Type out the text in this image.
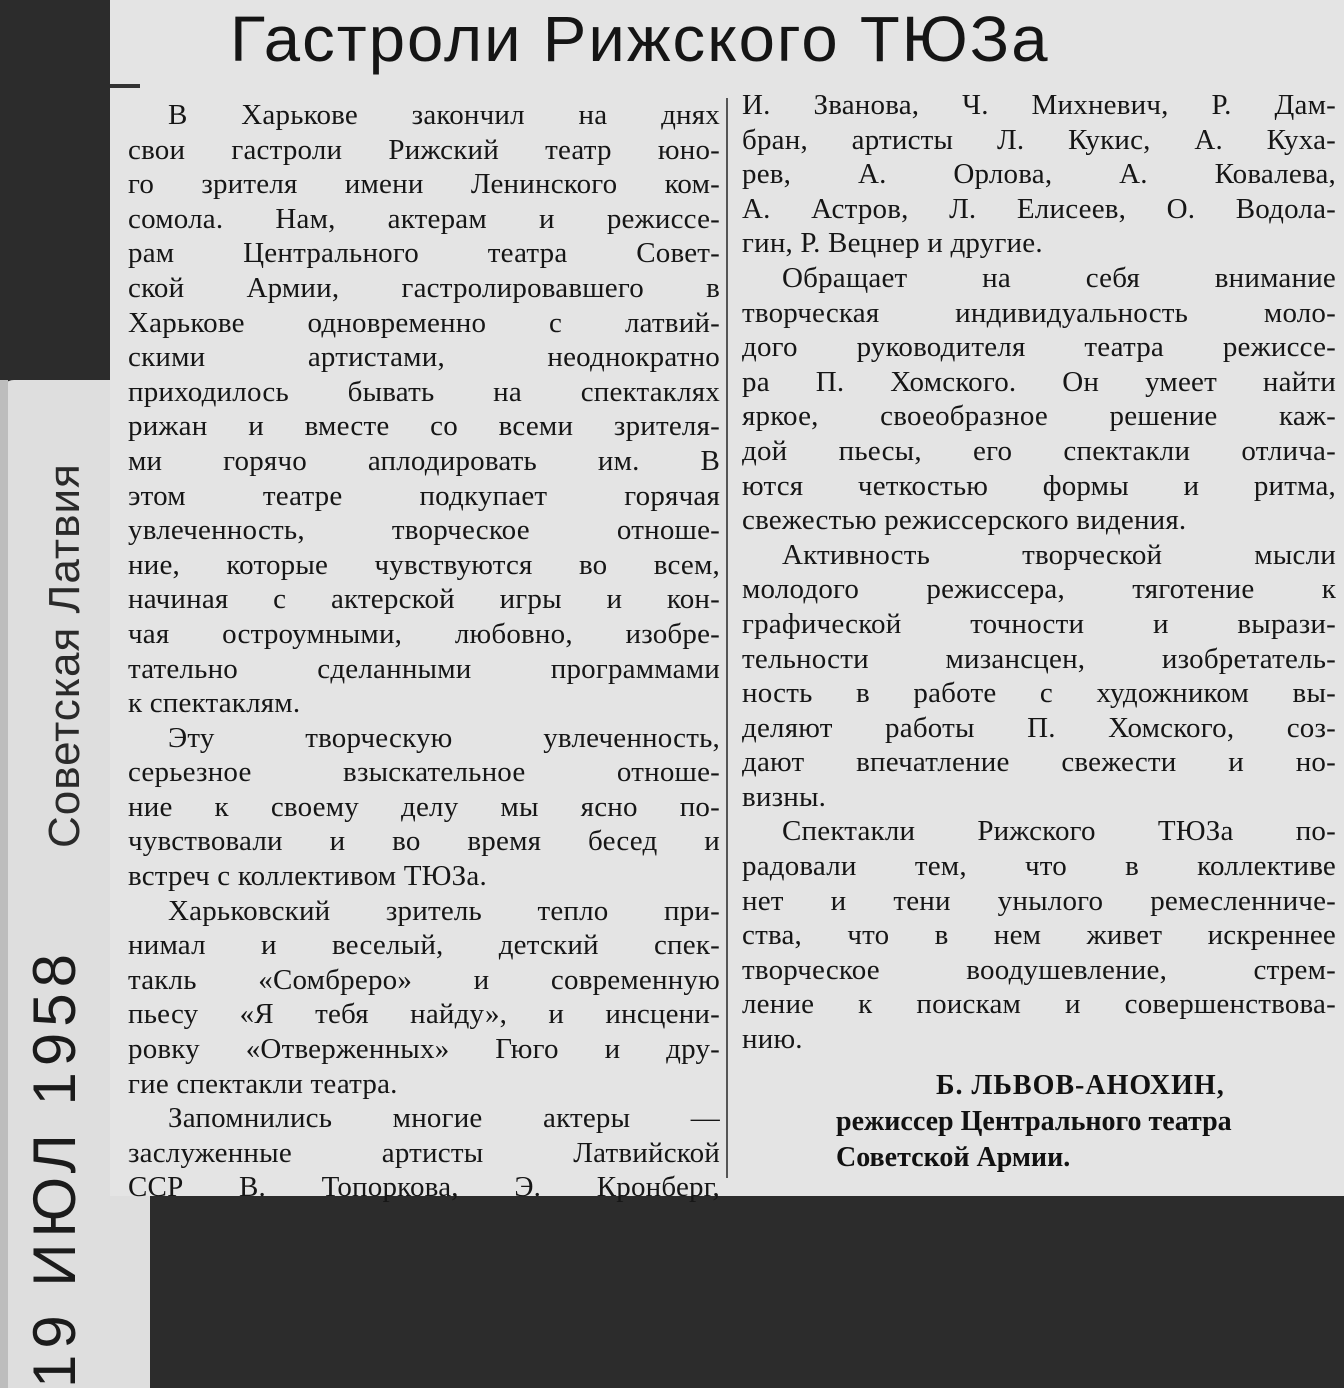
Гастроли Рижского ТЮЗа
В Харькове закончил на днях
свои гастроли Рижский театр юно-
го зрителя имени Ленинского ком-
сомола. Нам, актерам и режиссе-
рам Центрального театра Совет-
ской Армии, гастролировавшего в
Харькове одновременно с латвий-
скими артистами, неоднократно
приходилось бывать на спектаклях
рижан и вместе со всеми зрителя-
ми горячо аплодировать им. В
этом театре подкупает горячая
увлеченность, творческое отноше-
ние, которые чувствуются во всем,
начиная с актерской игры и кон-
чая остроумными, любовно, изобре-
тательно сделанными программами
к спектаклям.
Эту творческую увлеченность,
серьезное взыскательное отноше-
ние к своему делу мы ясно по-
чувствовали и во время бесед и
встреч с коллективом ТЮЗа.
Харьковский зритель тепло при-
нимал и веселый, детский спек-
такль «Сомбреро» и современную
пьесу «Я тебя найду», и инсцени-
ровку «Отверженных» Гюго и дру-
гие спектакли театра.
Запомнились многие актеры —
заслуженные артисты Латвийской
ССР В. Топоркова, Э. Кронберг,
И. Званова, Ч. Михневич, Р. Дам-
бран, артисты Л. Кукис, А. Куха-
рев, А. Орлова, А. Ковалева,
А. Астров, Л. Елисеев, О. Водола-
гин, Р. Вецнер и другие.
Обращает на себя внимание
творческая индивидуальность моло-
дого руководителя театра режиссе-
ра П. Хомского. Он умеет найти
яркое, своеобразное решение каж-
дой пьесы, его спектакли отлича-
ются четкостью формы и ритма,
свежестью режиссерского видения.
Активность творческой мысли
молодого режиссера, тяготение к
графической точности и вырази-
тельности мизансцен, изобретатель-
ность в работе с художником вы-
деляют работы П. Хомского, соз-
дают впечатление свежести и но-
визны.
Спектакли Рижского ТЮЗа по-
радовали тем, что в коллективе
нет и тени унылого ремесленниче-
ства, что в нем живет искреннее
творческое воодушевление, стрем-
ление к поискам и совершенствова-
нию.
Б. ЛЬВОВ-АНОХИН,
режиссер Центрального театра
Советской Армии.
Советская Латвия
19 ИЮЛ 1958
